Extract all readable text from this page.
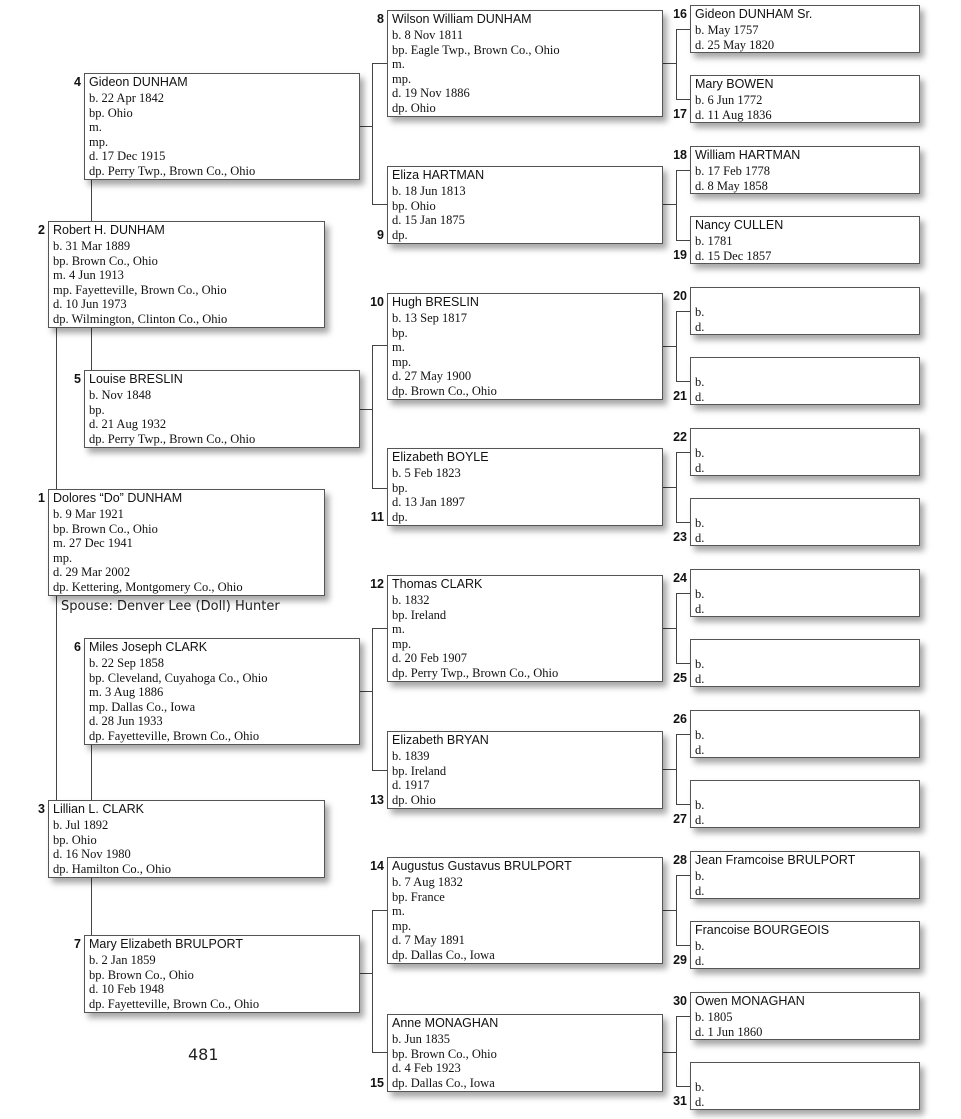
Spouse: Denver Lee (Doll) Hunter
481
Dolores “Do” DUNHAM
b. 9 Mar 1921
bp. Brown Co., Ohio
m. 27 Dec 1941
mp.
d. 29 Mar 2002
dp. Kettering, Montgomery Co., Ohio
1
Robert H. DUNHAM
b. 31 Mar 1889
bp. Brown Co., Ohio
m. 4 Jun 1913
mp. Fayetteville, Brown Co., Ohio
d. 10 Jun 1973
dp. Wilmington, Clinton Co., Ohio
2
Lillian L. CLARK
b. Jul 1892
bp. Ohio
d. 16 Nov 1980
dp. Hamilton Co., Ohio
3
Gideon DUNHAM
b. 22 Apr 1842
bp. Ohio
m.
mp.
d. 17 Dec 1915
dp. Perry Twp., Brown Co., Ohio
4
Louise BRESLIN
b. Nov 1848
bp.
d. 21 Aug 1932
dp. Perry Twp., Brown Co., Ohio
5
Miles Joseph CLARK
b. 22 Sep 1858
bp. Cleveland, Cuyahoga Co., Ohio
m. 3 Aug 1886
mp. Dallas Co., Iowa
d. 28 Jun 1933
dp. Fayetteville, Brown Co., Ohio
6
Mary Elizabeth BRULPORT
b. 2 Jan 1859
bp. Brown Co., Ohio
d. 10 Feb 1948
dp. Fayetteville, Brown Co., Ohio
7
Wilson William DUNHAM
b. 8 Nov 1811
bp. Eagle Twp., Brown Co., Ohio
m.
mp.
d. 19 Nov 1886
dp. Ohio
8
Eliza HARTMAN
b. 18 Jun 1813
bp. Ohio
d. 15 Jan 1875
dp.
9
Hugh BRESLIN
b. 13 Sep 1817
bp.
m.
mp.
d. 27 May 1900
dp. Brown Co., Ohio
10
Elizabeth BOYLE
b. 5 Feb 1823
bp.
d. 13 Jan 1897
dp.
11
Thomas CLARK
b. 1832
bp. Ireland
m.
mp.
d. 20 Feb 1907
dp. Perry Twp., Brown Co., Ohio
12
Elizabeth BRYAN
b. 1839
bp. Ireland
d. 1917
dp. Ohio
13
Augustus Gustavus BRULPORT
b. 7 Aug 1832
bp. France
m.
mp.
d. 7 May 1891
dp. Dallas Co., Iowa
14
Anne MONAGHAN
b. Jun 1835
bp. Brown Co., Ohio
d. 4 Feb 1923
dp. Dallas Co., Iowa
15
Gideon DUNHAM Sr.
b. May 1757
d. 25 May 1820
16
Mary BOWEN
b. 6 Jun 1772
d. 11 Aug 1836
17
William HARTMAN
b. 17 Feb 1778
d. 8 May 1858
18
Nancy CULLEN
b. 1781
d. 15 Dec 1857
19
b.
d.
20
b.
d.
21
b.
d.
22
b.
d.
23
b.
d.
24
b.
d.
25
b.
d.
26
b.
d.
27
Jean Framcoise BRULPORT
b.
d.
28
Francoise BOURGEOIS
b.
d.
29
Owen MONAGHAN
b. 1805
d. 1 Jun 1860
30
b.
d.
31
